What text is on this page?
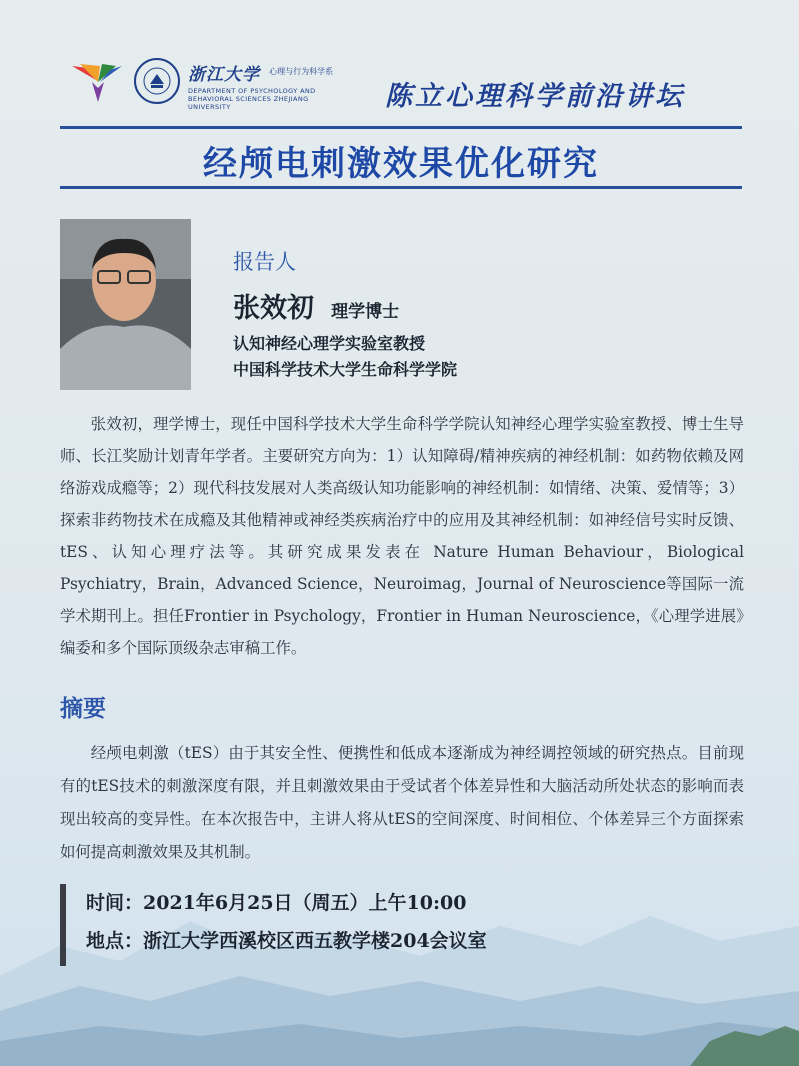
浙江大学 心理与行为科学系
DEPARTMENT OF PSYCHOLOGY AND BEHAVIORAL SCIENCES ZHEJIANG UNIVERSITY	陈立心理科学前沿讲坛
经颅电刺激效果优化研究
报告人
张效初 理学博士
认知神经心理学实验室教授
中国科学技术大学生命科学学院

张效初，理学博士，现任中国科学技术大学生命科学学院认知神经心理学实验室教授、博士生导师、长江奖励计划青年学者。主要研究方向为：1）认知障碍/精神疾病的神经机制：如药物依赖及网络游戏成瘾等；2）现代科技发展对人类高级认知功能影响的神经机制：如情绪、决策、爱情等；3）探索非药物技术在成瘾及其他精神或神经类疾病治疗中的应用及其神经机制：如神经信号实时反馈、tES、认知心理疗法等。其研究成果发表在 Nature Human Behaviour，Biological Psychiatry，Brain，Advanced Science，Neuroimag，Journal of Neuroscience等国际一流学术期刊上。担任Frontier in Psychology，Frontier in Human Neuroscience，《心理学进展》编委和多个国际顶级杂志审稿工作。

摘要

经颅电刺激（tES）由于其安全性、便携性和低成本逐渐成为神经调控领域的研究热点。目前现有的tES技术的刺激深度有限，并且刺激效果由于受试者个体差异性和大脑活动所处状态的影响而表现出较高的变异性。在本次报告中，主讲人将从tES的空间深度、时间相位、个体差异三个方面探索如何提高刺激效果及其机制。

时间：2021年6月25日（周五）上午10:00
地点：浙江大学西溪校区西五教学楼204会议室
